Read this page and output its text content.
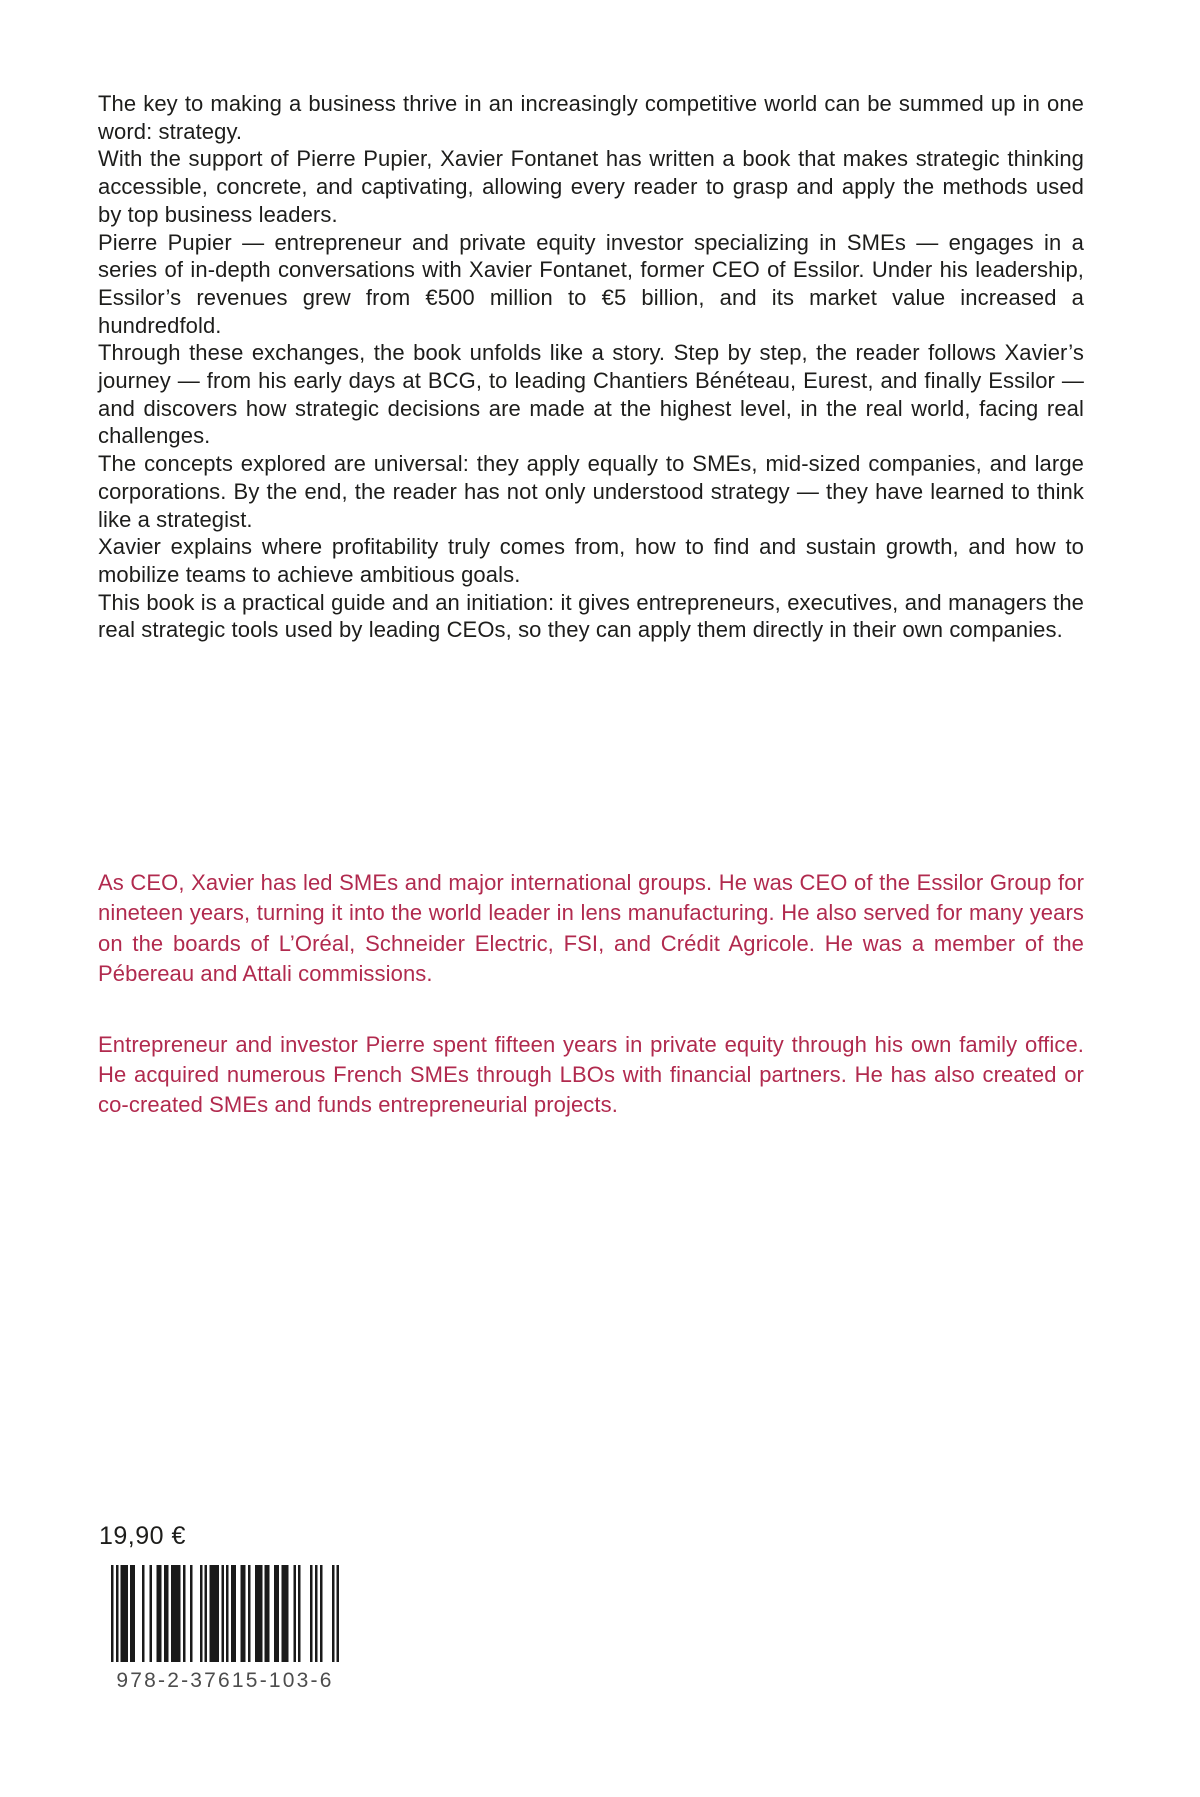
The key to making a business thrive in an increasingly competitive world can be summed up in one word: strategy.

With the support of Pierre Pupier, Xavier Fontanet has written a book that makes strategic thinking accessible, concrete, and captivating, allowing every reader to grasp and apply the methods used by top business leaders.

Pierre Pupier — entrepreneur and private equity investor specializing in SMEs — engages in a series of in-depth conversations with Xavier Fontanet, former CEO of Essilor. Under his leadership, Essilor’s revenues grew from €500 million to €5 billion, and its market value increased a hundredfold.

Through these exchanges, the book unfolds like a story. Step by step, the reader follows Xavier’s journey — from his early days at BCG, to leading Chantiers Bénéteau, Eurest, and finally Essilor — and discovers how strategic decisions are made at the highest level, in the real world, facing real challenges.

The concepts explored are universal: they apply equally to SMEs, mid-sized companies, and large corporations. By the end, the reader has not only understood strategy — they have learned to think like a strategist.

Xavier explains where profitability truly comes from, how to find and sustain growth, and how to mobilize teams to achieve ambitious goals.

This book is a practical guide and an initiation: it gives entrepreneurs, executives, and managers the real strategic tools used by leading CEOs, so they can apply them directly in their own companies.

As CEO, Xavier has led SMEs and major international groups. He was CEO of the Essilor Group for nineteen years, turning it into the world leader in lens manufacturing. He also served for many years on the boards of L’Oréal, Schneider Electric, FSI, and Crédit Agricole. He was a member of the Pébereau and Attali commissions.

Entrepreneur and investor Pierre spent fifteen years in private equity through his own family office. He acquired numerous French SMEs through LBOs with financial partners. He has also created or co-created SMEs and funds entrepreneurial projects.

19,90 €
978-2-37615-103-6
